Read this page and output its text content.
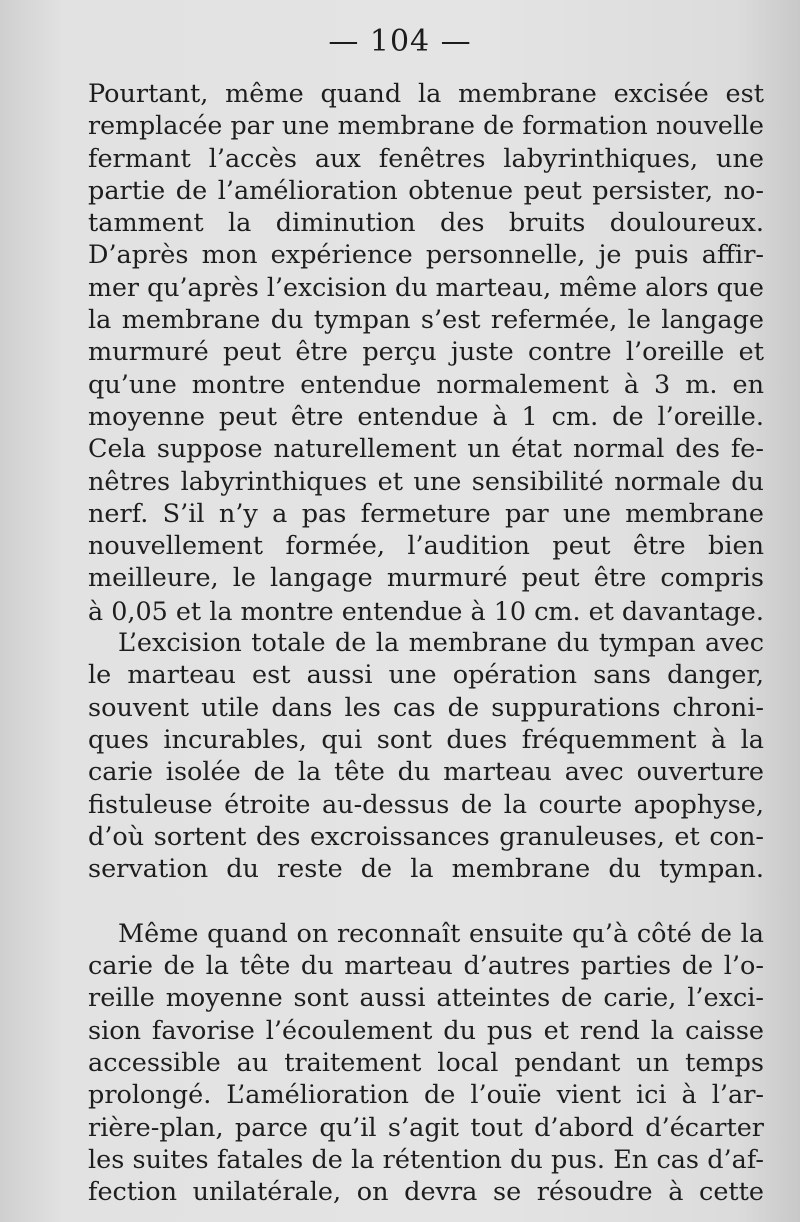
— 104 —
Pourtant, même quand la membrane excisée est
remplacée par une membrane de formation nouvelle
fermant l’accès aux fenêtres labyrinthiques, une
partie de l’amélioration obtenue peut persister, no-
tamment la diminution des bruits douloureux.
D’après mon expérience personnelle, je puis affir-
mer qu’après l’excision du marteau, même alors que
la membrane du tympan s’est refermée, le langage
murmuré peut être perçu juste contre l’oreille et
qu’une montre entendue normalement à 3 m. en
moyenne peut être entendue à 1 cm. de l’oreille.
Cela suppose naturellement un état normal des fe-
nêtres labyrinthiques et une sensibilité normale du
nerf. S’il n’y a pas fermeture par une membrane
nouvellement formée, l’audition peut être bien
meilleure, le langage murmuré peut être compris
à 0,05 et la montre entendue à 10 cm. et davantage.
L’excision totale de la membrane du tympan avec
le marteau est aussi une opération sans danger,
souvent utile dans les cas de suppurations chroni-
ques incurables, qui sont dues fréquemment à la
carie isolée de la tête du marteau avec ouverture
fistuleuse étroite au-dessus de la courte apophyse,
d’où sortent des excroissances granuleuses, et con-
servation du reste de la membrane du tympan.
Même quand on reconnaît ensuite qu’à côté de la
carie de la tête du marteau d’autres parties de l’o-
reille moyenne sont aussi atteintes de carie, l’exci-
sion favorise l’écoulement du pus et rend la caisse
accessible au traitement local pendant un temps
prolongé. L’amélioration de l’ouïe vient ici à l’ar-
rière-plan, parce qu’il s’agit tout d’abord d’écarter
les suites fatales de la rétention du pus. En cas d’af-
fection unilatérale, on devra se résoudre à cette
